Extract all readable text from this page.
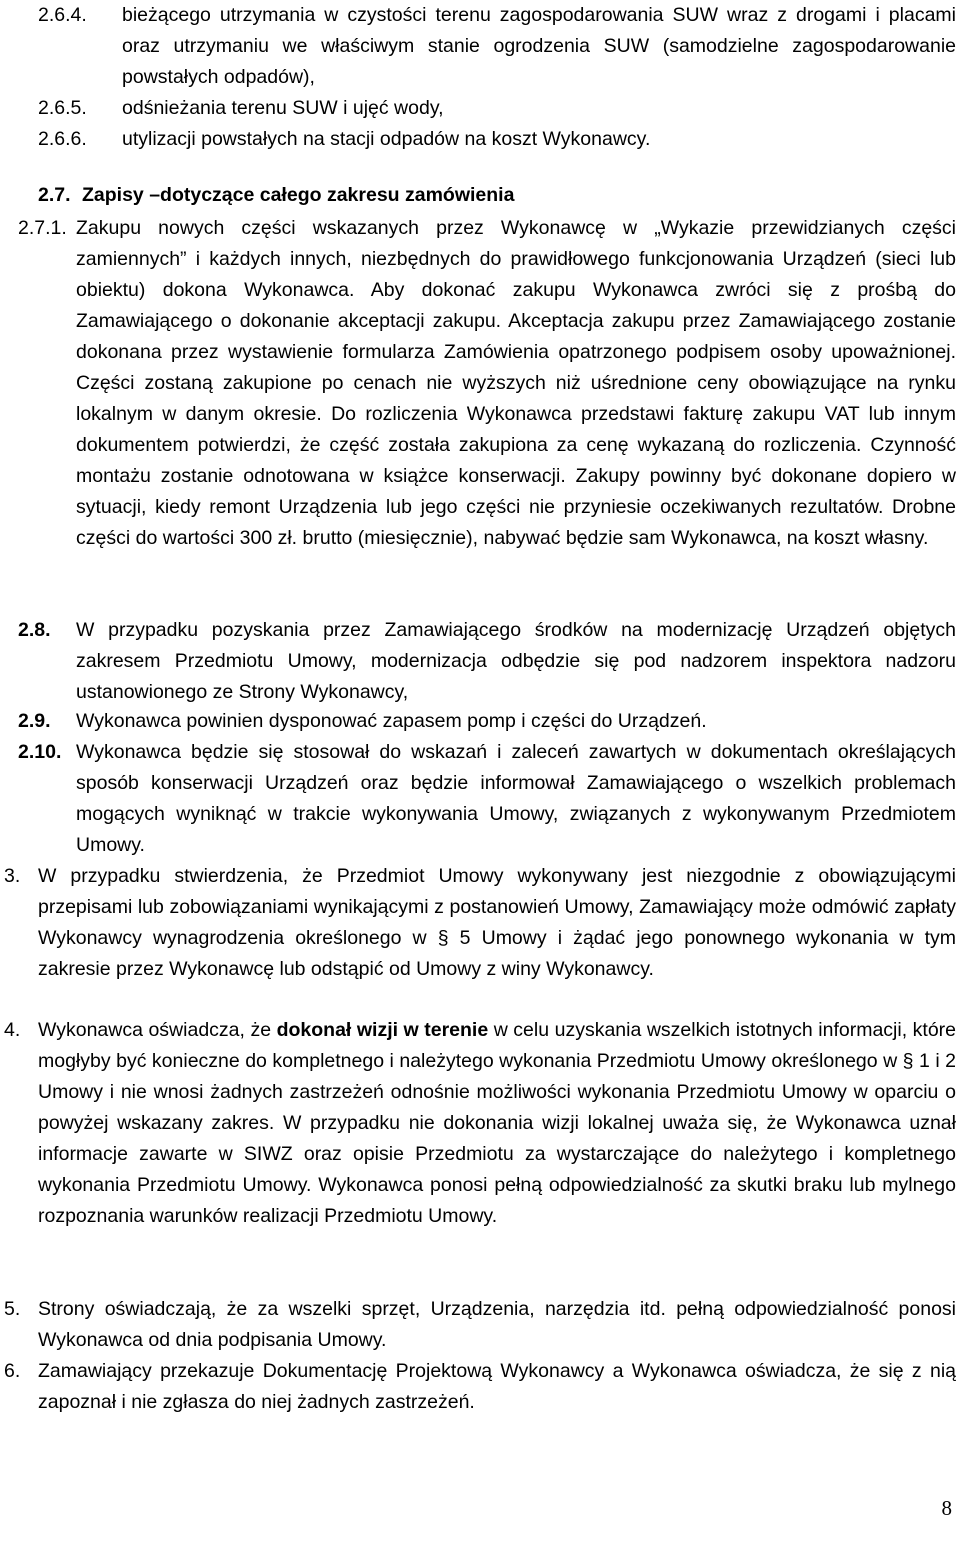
2.6.4. bieżącego utrzymania w czystości terenu zagospodarowania SUW wraz z drogami i placami oraz utrzymaniu we właściwym stanie ogrodzenia SUW (samodzielne zagospodarowanie powstałych odpadów),
2.6.5. odśnieżania terenu SUW i ujęć wody,
2.6.6. utylizacji powstałych na stacji odpadów na koszt Wykonawcy.
2.7. Zapisy –dotyczące całego zakresu zamówienia
2.7.1. Zakupu nowych części wskazanych przez Wykonawcę w „Wykazie przewidzianych części zamiennych” i każdych innych, niezbędnych do prawidłowego funkcjonowania Urządzeń (sieci lub obiektu) dokona Wykonawca. Aby dokonać zakupu Wykonawca zwróci się z prośbą do Zamawiającego o dokonanie akceptacji zakupu. Akceptacja zakupu przez Zamawiającego zostanie dokonana przez wystawienie formularza Zamówienia opatrzonego podpisem osoby upoważnionej. Części zostaną zakupione po cenach nie wyższych niż uśrednione ceny obowiązujące na rynku lokalnym w danym okresie. Do rozliczenia Wykonawca przedstawi fakturę zakupu VAT lub innym dokumentem potwierdzi, że część została zakupiona za cenę wykazaną do rozliczenia. Czynność montażu zostanie odnotowana w książce konserwacji. Zakupy powinny być dokonane dopiero w sytuacji, kiedy remont Urządzenia lub jego części nie przyniesie oczekiwanych rezultatów. Drobne części do wartości 300 zł. brutto (miesięcznie), nabywać będzie sam Wykonawca, na koszt własny.
2.8. W przypadku pozyskania przez Zamawiającego środków na modernizację Urządzeń objętych zakresem Przedmiotu Umowy, modernizacja odbędzie się pod nadzorem inspektora nadzoru ustanowionego ze Strony Wykonawcy,
2.9. Wykonawca powinien dysponować zapasem pomp i części do Urządzeń.
2.10. Wykonawca będzie się stosował do wskazań i zaleceń zawartych w dokumentach określających sposób konserwacji Urządzeń oraz będzie informował Zamawiającego o wszelkich problemach mogących wyniknąć w trakcie wykonywania Umowy, związanych z wykonywanym Przedmiotem Umowy.
3. W przypadku stwierdzenia, że Przedmiot Umowy wykonywany jest niezgodnie z obowiązującymi przepisami lub zobowiązaniami wynikającymi z postanowień Umowy, Zamawiający może odmówić zapłaty Wykonawcy wynagrodzenia określonego w § 5 Umowy i żądać jego ponownego wykonania w tym zakresie przez Wykonawcę lub odstąpić od Umowy z winy Wykonawcy.
4. Wykonawca oświadcza, że dokonał wizji w terenie w celu uzyskania wszelkich istotnych informacji, które mogłyby być konieczne do kompletnego i należytego wykonania Przedmiotu Umowy określonego w § 1 i 2 Umowy i nie wnosi żadnych zastrzeżeń odnośnie możliwości wykonania Przedmiotu Umowy w oparciu o powyżej wskazany zakres. W przypadku nie dokonania wizji lokalnej uważa się, że Wykonawca uznał informacje zawarte w SIWZ oraz opisie Przedmiotu za wystarczające do należytego i kompletnego wykonania Przedmiotu Umowy. Wykonawca ponosi pełną odpowiedzialność za skutki braku lub mylnego rozpoznania warunków realizacji Przedmiotu Umowy.
5. Strony oświadczają, że za wszelki sprzęt, Urządzenia, narzędzia itd. pełną odpowiedzialność ponosi Wykonawca od dnia podpisania Umowy.
6. Zamawiający przekazuje Dokumentację Projektową Wykonawcy a Wykonawca oświadcza, że się z nią zapoznał i nie zgłasza do niej żadnych zastrzeżeń.
8
